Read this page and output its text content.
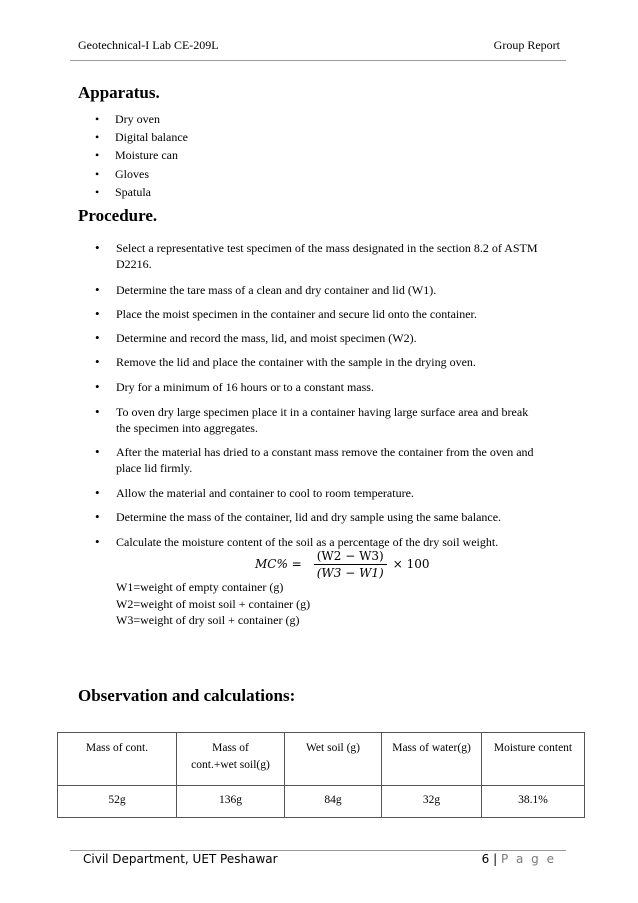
Geotechnical-I Lab CE-209L	Group Report
Apparatus.
•	Dry oven
•	Digital balance
•	Moisture can
•	Gloves
•	Spatula
Procedure.
•	Select a representative test specimen of the mass designated in the section 8.2 of ASTM
D2216.
•	Determine the tare mass of a clean and dry container and lid (W1).
•	Place the moist specimen in the container and secure lid onto the container.
•	Determine and record the mass, lid, and moist specimen (W2).
•	Remove the lid and place the container with the sample in the drying oven.
•	Dry for a minimum of 16 hours or to a constant mass.
•	To oven dry large specimen place it in a container having large surface area and break
the specimen into aggregates.
•	After the material has dried to a constant mass remove the container from the oven and
place lid firmly.
•	Allow the material and container to cool to room temperature.
•	Determine the mass of the container, lid and dry sample using the same balance.
•	Calculate the moisture content of the soil as a percentage of the dry soil weight.
$MC\% = \frac{(W2 - W3)}{(W3 - W1)} \times 100$
W1=weight of empty container (g)
W2=weight of moist soil + container (g)
W3=weight of dry soil + container (g)
Observation and calculations:
Mass of cont.	Mass of
cont.+wet soil(g)	Wet soil (g)	Mass of water(g)	Moisture content
52g	136g	84g	32g	38.1%
Civil Department, UET Peshawar	6 | P a g e
